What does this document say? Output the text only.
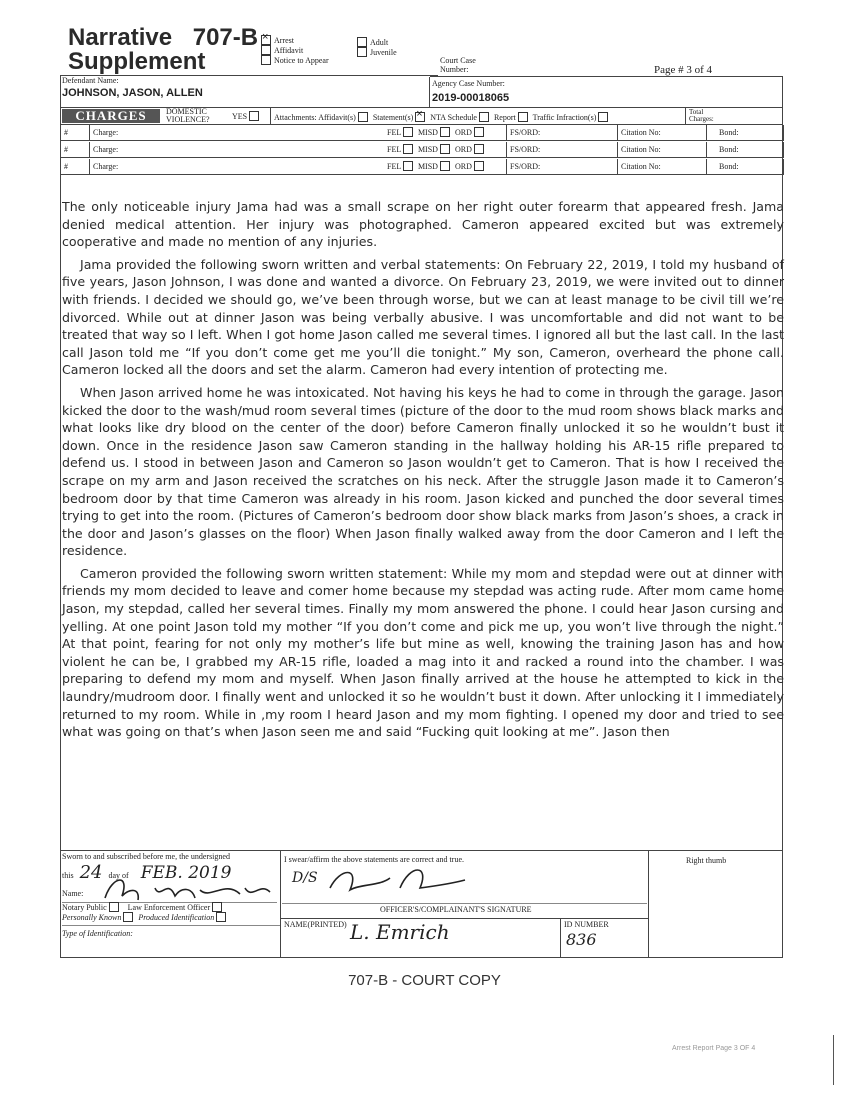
Narrative 707-B
Supplement
×Arrest
Affidavit
Notice to Appear
Adult
Juvenile
Court Case
Number:	Page # 3 of 4
Defendant Name:
JOHNSON, JASON, ALLEN
Agency Case Number:
2019-00018065
CHARGES	DOMESTIC VIOLENCE?	YES	Attachments: Affidavit(s) Statement(s) × NTA Schedule Report Traffic Infraction(s)
Total Charges:
#	Charge:	FEL MISD ORD	FS/ORD:	Citation No:	Bond:
#	Charge:	FEL MISD ORD	FS/ORD:	Citation No:	Bond:
#	Charge:	FEL MISD ORD	FS/ORD:	Citation No:	Bond:

The only noticeable injury Jama had was a small scrape on her right outer forearm that appeared fresh. Jama denied medical attention. Her injury was photographed. Cameron appeared excited but was extremely cooperative and made no mention of any injuries.

Jama provided the following sworn written and verbal statements: On February 22, 2019, I told my husband of five years, Jason Johnson, I was done and wanted a divorce. On February 23, 2019, we were invited out to dinner with friends. I decided we should go, we’ve been through worse, but we can at least manage to be civil till we’re divorced. While out at dinner Jason was being verbally abusive. I was uncomfortable and did not want to be treated that way so I left. When I got home Jason called me several times. I ignored all but the last call. In the last call Jason told me “If you don’t come get me you’ll die tonight.” My son, Cameron, overheard the phone call. Cameron locked all the doors and set the alarm. Cameron had every intention of protecting me.

When Jason arrived home he was intoxicated. Not having his keys he had to come in through the garage. Jason kicked the door to the wash/mud room several times (picture of the door to the mud room shows black marks and what looks like dry blood on the center of the door) before Cameron finally unlocked it so he wouldn’t bust it down. Once in the residence Jason saw Cameron standing in the hallway holding his AR-15 rifle prepared to defend us. I stood in between Jason and Cameron so Jason wouldn’t get to Cameron. That is how I received the scrape on my arm and Jason received the scratches on his neck. After the struggle Jason made it to Cameron’s bedroom door by that time Cameron was already in his room. Jason kicked and punched the door several times trying to get into the room. (Pictures of Cameron’s bedroom door show black marks from Jason’s shoes, a crack in the door and Jason’s glasses on the floor) When Jason finally walked away from the door Cameron and I left the residence.

Cameron provided the following sworn written statement: While my mom and stepdad were out at dinner with friends my mom decided to leave and comer home because my stepdad was acting rude. After mom came home Jason, my stepdad, called her several times. Finally my mom answered the phone. I could hear Jason cursing and yelling. At one point Jason told my mother “If you don’t come and pick me up, you won’t live through the night.” At that point, fearing for not only my mother’s life but mine as well, knowing the training Jason has and how violent he can be, I grabbed my AR-15 rifle, loaded a mag into it and racked a round into the chamber. I was preparing to defend my mom and myself. When Jason finally arrived at the house he attempted to kick in the laundry/mudroom door. I finally went and unlocked it so he wouldn’t bust it down. After unlocking it I immediately returned to my room. While in ,my room I heard Jason and my mom fighting. I opened my door and tried to see what was going on that’s when Jason seen me and said “Fucking quit looking at me”. Jason then

Sworn to and subscribed before me, the undersigned
this 24 day of FEB. 2019
Name:
Notary Public	Law Enforcement Officer
Personally Known Produced Identification
Type of Identification:
I swear/affirm the above statements are correct and true.
D/S
OFFICER'S/COMPLAINANT'S SIGNATURE
NAME(PRINTED) L. Emrich	ID NUMBER
836
Right thumb
707-B - COURT COPY
Arrest Report Page 3 OF 4
